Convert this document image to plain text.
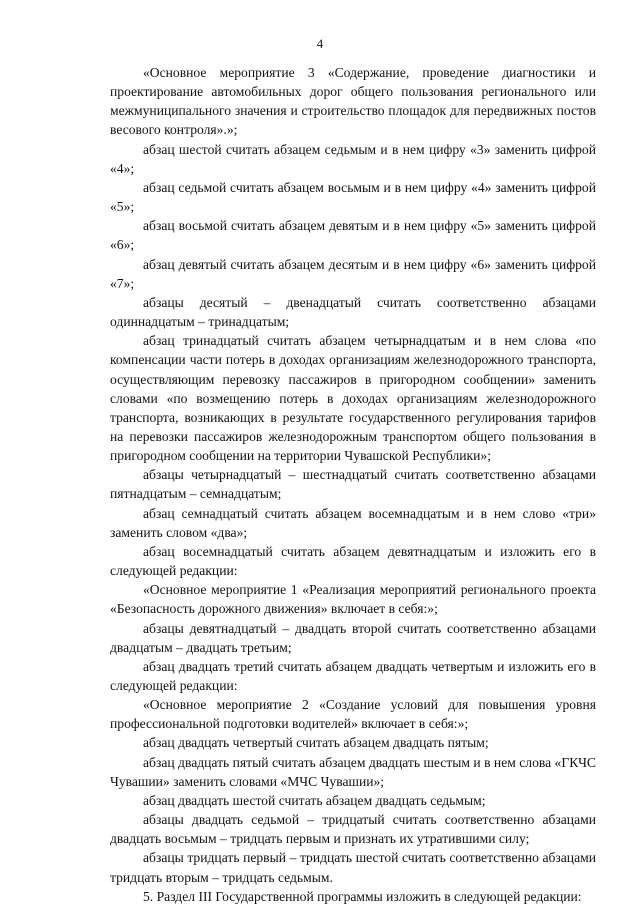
4

«Основное мероприятие 3 «Содержание, проведение диагностики и проектирование автомобильных дорог общего пользования регионального или межмуниципального значения и строительство площадок для передвижных постов весового контроля».»;

абзац шестой считать абзацем седьмым и в нем цифру «3» заменить цифрой «4»;

абзац седьмой считать абзацем восьмым и в нем цифру «4» заменить цифрой «5»;

абзац восьмой считать абзацем девятым и в нем цифру «5» заменить цифрой «6»;

абзац девятый считать абзацем десятым и в нем цифру «6» заменить цифрой «7»;

абзацы десятый – двенадцатый считать соответственно абзацами одиннадцатым – тринадцатым;

абзац тринадцатый считать абзацем четырнадцатым и в нем слова «по компенсации части потерь в доходах организациям железнодорожного транспорта, осуществляющим перевозку пассажиров в пригородном сообщении» заменить словами «по возмещению потерь в доходах организациям железнодорожного транспорта, возникающих в результате государственного регулирования тарифов на перевозки пассажиров железнодорожным транспортом общего пользования в пригородном сообщении на территории Чувашской Республики»;

абзацы четырнадцатый – шестнадцатый считать соответственно абзацами пятнадцатым – семнадцатым;

абзац семнадцатый считать абзацем восемнадцатым и в нем слово «три» заменить словом «два»;

абзац восемнадцатый считать абзацем девятнадцатым и изложить его в следующей редакции:

«Основное мероприятие 1 «Реализация мероприятий регионального проекта «Безопасность дорожного движения» включает в себя:»;

абзацы девятнадцатый – двадцать второй считать соответственно абзацами двадцатым – двадцать третьим;

абзац двадцать третий считать абзацем двадцать четвертым и изложить его в следующей редакции:

«Основное мероприятие 2 «Создание условий для повышения уровня профессиональной подготовки водителей» включает в себя:»;

абзац двадцать четвертый считать абзацем двадцать пятым;

абзац двадцать пятый считать абзацем двадцать шестым и в нем слова «ГКЧС Чувашии» заменить словами «МЧС Чувашии»;

абзац двадцать шестой считать абзацем двадцать седьмым;

абзацы двадцать седьмой – тридцатый считать соответственно абзацами двадцать восьмым – тридцать первым и признать их утратившими силу;

абзацы тридцать первый – тридцать шестой считать соответственно абзацами тридцать вторым – тридцать седьмым.

5. Раздел III Государственной программы изложить в следующей редакции:
